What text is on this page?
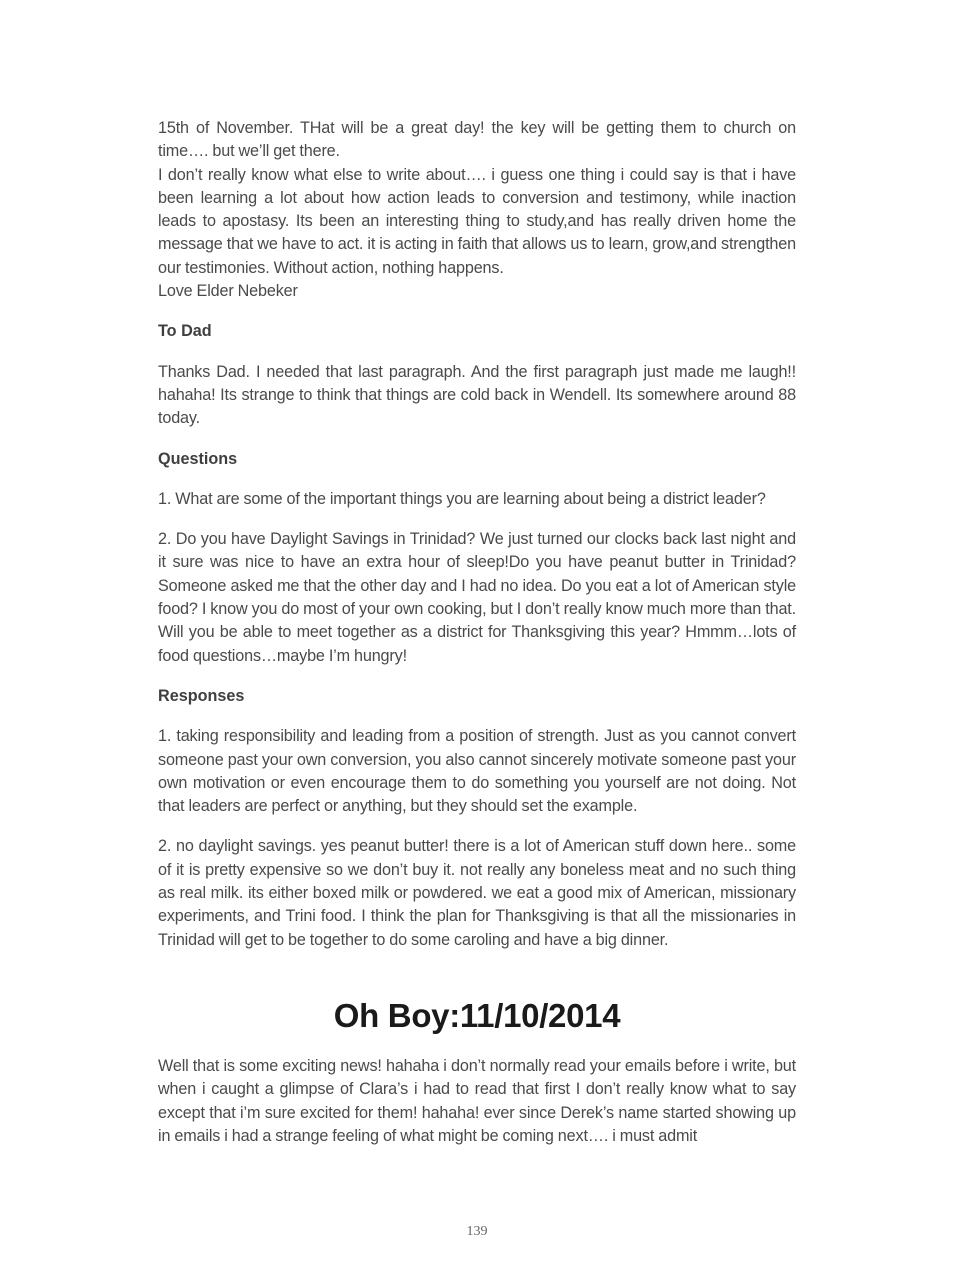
15th of November. THat will be a great day! the key will be getting them to church on time…. but we’ll get there.

I don’t really know what else to write about…. i guess one thing i could say is that i have been learning a lot about how action leads to conversion and testimony, while inaction leads to apostasy. Its been an interesting thing to study,and has really driven home the message that we have to act. it is acting in faith that allows us to learn, grow,and strengthen our testimonies. Without action, nothing happens.

Love Elder Nebeker

To Dad

Thanks Dad. I needed that last paragraph. And the first paragraph just made me laugh!! hahaha! Its strange to think that things are cold back in Wendell. Its somewhere around 88 today.

Questions

1. What are some of the important things you are learning about being a district leader?

2. Do you have Daylight Savings in Trinidad? We just turned our clocks back last night and it sure was nice to have an extra hour of sleep!Do you have peanut butter in Trinidad? Someone asked me that the other day and I had no idea. Do you eat a lot of American style food? I know you do most of your own cooking, but I don’t really know much more than that. Will you be able to meet together as a district for Thanksgiving this year? Hmmm…lots of food questions…maybe I’m hungry!

Responses

1. taking responsibility and leading from a position of strength. Just as you cannot convert someone past your own conversion, you also cannot sincerely motivate someone past your own motivation or even encourage them to do something you yourself are not doing. Not that leaders are perfect or anything, but they should set the example.

2. no daylight savings. yes peanut butter! there is a lot of American stuff down here.. some of it is pretty expensive so we don’t buy it. not really any boneless meat and no such thing as real milk. its either boxed milk or powdered. we eat a good mix of American, missionary experiments, and Trini food. I think the plan for Thanksgiving is that all the missionaries in Trinidad will get to be together to do some caroling and have a big dinner.

Oh Boy:11/10/2014

Well that is some exciting news! hahaha i don’t normally read your emails before i write, but when i caught a glimpse of Clara’s i had to read that first I don’t really know what to say except that i’m sure excited for them! hahaha! ever since Derek’s name started showing up in emails i had a strange feeling of what might be coming next…. i must admit

139
